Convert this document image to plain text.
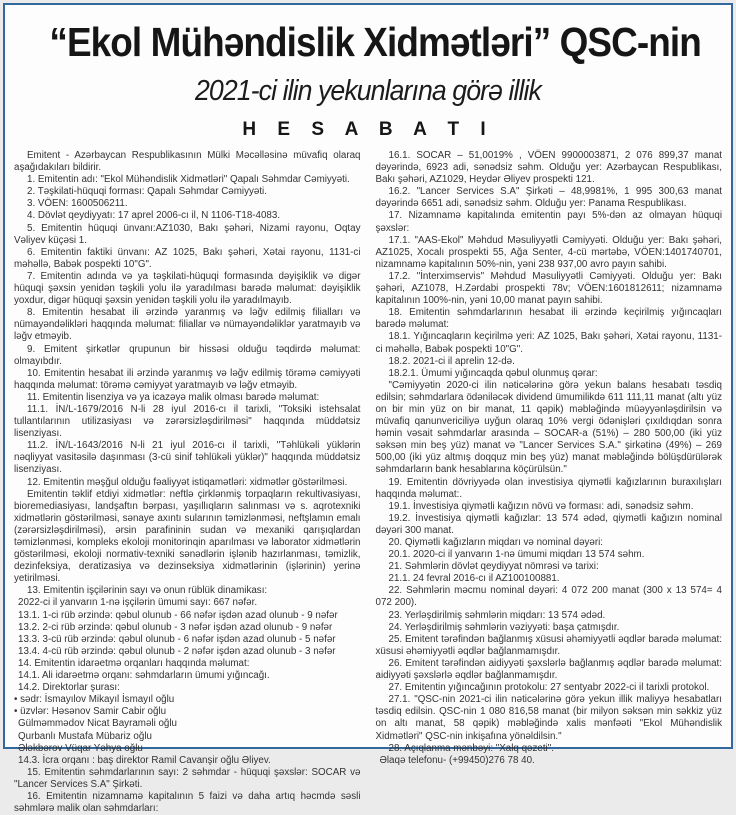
“Ekol Mühəndislik Xidmətləri” QSC-nin
2021-ci ilin yekunlarına görə illik
H E S A B A T I

Emitent - Azərbaycan Respublikasının Mülki Məcəlləsinə müvafiq olaraq aşağıdakıları bildirir.

1. Emitentin adı: "Ekol Mühəndislik Xidmətləri" Qapalı Səhmdar Cəmiyyəti.

2. Təşkilati-hüquqi forması: Qapalı Səhmdar Cəmiyyəti.

3. VÖEN: 1600506211.

4. Dövlət qeydiyyatı: 17 aprel 2006-cı il, N 1106-T18-4083.

5. Emitentin hüquqi ünvanı:AZ1030, Bakı şəhəri, Nizami rayonu, Oqtay Vəliyev küçəsi 1.

6. Emitentin faktiki ünvanı: AZ 1025, Bakı şəhəri, Xətai rayonu, 1131-ci məhəllə, Babək pospekti 10"G".

7. Emitentin adında və ya təşkilati-hüquqi formasında dəyişiklik və digər hüquqi şəxsin yenidən təşkili yolu ilə yaradılması barədə məlumat: dəyişiklik yoxdur, digər hüquqi şəxsin yenidən təşkili yolu ilə yaradılmayıb.

8. Emitentin hesabat ili ərzində yaranmış və ləğv edilmiş filialları və nümayəndəlikləri haqqında məlumat: filiallar və nümayəndəliklər yaratmayıb və ləğv etməyib.

9. Emitent şirkətlər qrupunun bir hissəsi olduğu təqdirdə məlumat: olmayıbdır.

10. Emitentin hesabat ili ərzində yaranmış və ləğv edilmiş törəmə cəmiyyəti haqqında məlumat: törəmə cəmiyyət yaratmayıb və ləğv etməyib.

11. Emitentin lisenziya və ya icazəyə malik olması barədə məlumat:

11.1. İN/L-1679/2016 N-li 28 iyul 2016-cı il tarixli, "Toksiki istehsalat tullantılarının utilizasiyası və zərərsizləşdirilməsi" haqqında müddətsiz lisenziyası.

11.2. İN/L-1643/2016 N-li 21 iyul 2016-cı il tarixli, "Təhlükəli yüklərin nəqliyyat vasitəsilə daşınması (3-cü sinif təhlükəli yüklər)" haqqında müddətsiz lisenziyası.

12. Emitentin məşğul olduğu fəaliyyət istiqamətləri: xidmətlər göstərilməsi.

Emitentin təklif etdiyi xidmətlər: neftlə çirklənmiş torpaqların rekultivasiyası, bioremediasiyası, landşaftın bərpası, yaşıllıqların salınması və s. aqrotexniki xidmətlərin göstərilməsi, sənaye axıntı sularının təmizlənməsi, neftşlamın emalı (zərərsizləşdirilməsi), ərsin parafininin sudan və mexaniki qarışıqlardan təmizlənməsi, kompleks ekoloji monitorinqin aparılması və laborator xidmətlərin göstərilməsi, ekoloji normativ-texniki sənədlərin işlənib hazırlanması, təmizlik, dezinfeksiya, deratizasiya və dezinseksiya xidmətlərinin (işlərinin) yerinə yetirilməsi.

13. Emitentin işçilərinin sayı və onun rüblük dinamikası:

2022-ci il yanvarın 1-nə işçilərin ümumi sayı: 667 nəfər.

13.1. 1-ci rüb ərzində: qəbul olunub - 66 nəfər işdən azad olunub - 9 nəfər

13.2. 2-ci rüb ərzində: qəbul olunub - 3 nəfər işdən azad olunub - 9 nəfər

13.3. 3-cü rüb ərzində: qəbul olunub - 6 nəfər işdən azad olunub - 5 nəfər

13.4. 4-cü rüb ərzində: qəbul olunub - 2 nəfər işdən azad olunub - 3 nəfər

14. Emitentin idarəetmə orqanları haqqında məlumat:

14.1. Ali idarəetmə orqanı: səhmdarların ümumi yığıncağı.

14.2. Direktorlar şurası:

• sədr: İsmayılov Mikayıl İsmayıl oğlu

• üzvlər: Həsənov Samir Cabir oğlu

Gülməmmədov Nicat Bayraməli oğlu

Qurbanlı Mustafa Mübariz oğlu

Ələkbərov Vüqar Yəhya oğlu

14.3. İcra orqanı : baş direktor Ramil Cavanşir oğlu Əliyev.

15. Emitentin səhmdarlarının sayı: 2 səhmdar - hüquqi şəxslər: SOCAR və "Lancer Services S.A" Şirkəti.

16. Emitentin nizamnamə kapitalının 5 faizi və daha artıq həcmdə səsli səhmlərə malik olan səhmdarları:

16.1. SOCAR – 51,0019% , VÖEN 9900003871, 2 076 899,37 manat dəyərində, 6923 adi, sənədsiz səhm. Olduğu yer: Azərbaycan Respublikası, Bakı şəhəri, AZ1029, Heydər Əliyev prospekti 121.

16.2. "Lancer Services S.A" Şirkəti – 48,9981%, 1 995 300,63 manat dəyərində 6651 adi, sənədsiz səhm. Olduğu yer: Panama Respublikası.

17. Nizamnamə kapitalında emitentin payı 5%-dən az olmayan hüquqi şəxslər:

17.1. "AAS-Ekol" Məhdud Məsuliyyətli Cəmiyyəti. Olduğu yer: Bakı şəhəri, AZ1025, Xocalı prospekti 55, Ağa Senter, 4-cü mərtəbə, VÖEN:1401740701, nizamnamə kapitalının 50%-nin, yəni 238 937,00 avro payın sahibi.

17.2. "İnterximservis" Məhdud Məsuliyyətli Cəmiyyəti. Olduğu yer: Bakı şəhəri, AZ1078, H.Zərdabi prospekti 78v; VÖEN:1601812611; nizamnamə kapitalının 100%-nin, yəni 10,00 manat payın sahibi.

18. Emitentin səhmdarlarının hesabat ili ərzində keçirilmiş yığıncaqları barədə məlumat:

18.1. Yığıncaqların keçirilmə yeri: AZ 1025, Bakı şəhəri, Xətai rayonu, 1131-ci məhəllə, Babək pospekti 10"G".

18.2. 2021-ci il aprelin 12-də.

18.2.1. Ümumi yığıncaqda qəbul olunmuş qərar:

"Cəmiyyətin 2020-ci ilin nəticələrinə görə yekun balans hesabatı təsdiq edilsin; səhmdarlara ödəniləcək dividend ümumilikdə 611 111,11 manat (altı yüz on bir min yüz on bir manat, 11 qəpik) məbləğində müəyyənləşdirilsin və müvafiq qanunvericiliyə uyğun olaraq 10% vergi ödənişləri çıxıldıqdan sonra həmin vəsait səhmdarlar arasında – SOCAR-a (51%) – 280 500,00 (iki yüz səksən min beş yüz) manat və "Lancer Services S.A." şirkətinə (49%) – 269 500,00 (iki yüz altmış doqquz min beş yüz) manat məbləğində bölüşdürülərək səhmdarların bank hesablarına köçürülsün."

19. Emitentin dövriyyədə olan investisiya qiymətli kağızlarının buraxılışları haqqında məlumat:.

19.1. İnvestisiya qiymətli kağızın növü və forması: adi, sənədsiz səhm.

19.2. İnvestisiya qiymətli kağızlar: 13 574 ədəd, qiymətli kağızın nominal dəyəri 300 manat.

20. Qiymətli kağızların miqdarı və nominal dəyəri:

20.1. 2020-ci il yanvarın 1-nə ümumi miqdarı 13 574 səhm.

21. Səhmlərin dövlət qeydiyyat nömrəsi və tarixi:

21.1. 24 fevral 2016-cı il AZ100100881.

22. Səhmlərin məcmu nominal dəyəri: 4 072 200 manat (300 x 13 574= 4 072 200).

23. Yerləşdirilmiş səhmlərin miqdarı: 13 574 ədəd.

24. Yerləşdirilmiş səhmlərin vəziyyəti: başa çatmışdır.

25. Emitent tərəfindən bağlanmış xüsusi əhəmiyyətli əqdlər barədə məlumat: xüsusi əhəmiyyətli əqdlər bağlanmamışdır.

26. Emitent tərəfindən aidiyyəti şəxslərlə bağlanmış əqdlər barədə məlumat: aidiyyəti şəxslərlə əqdlər bağlanmamışdır.

27. Emitentin yığıncağının protokolu: 27 sentyabr 2022-ci il tarixli protokol.

27.1. "QSC-nin 2021-ci ilin nəticələrinə görə yekun illik maliyyə hesabatları təsdiq edilsin. QSC-nin 1 080 816,58 manat (bir milyon səksən min səkkiz yüz on altı manat, 58 qəpik) məbləğində xalis mənfəəti "Ekol Mühəndislik Xidmətləri" QSC-nin inkişafına yönəldilsin."

28. Açıqlanma mənbəyi: "Xalq qəzeti".

Əlaqə telefonu- (+99450)276 78 40.
